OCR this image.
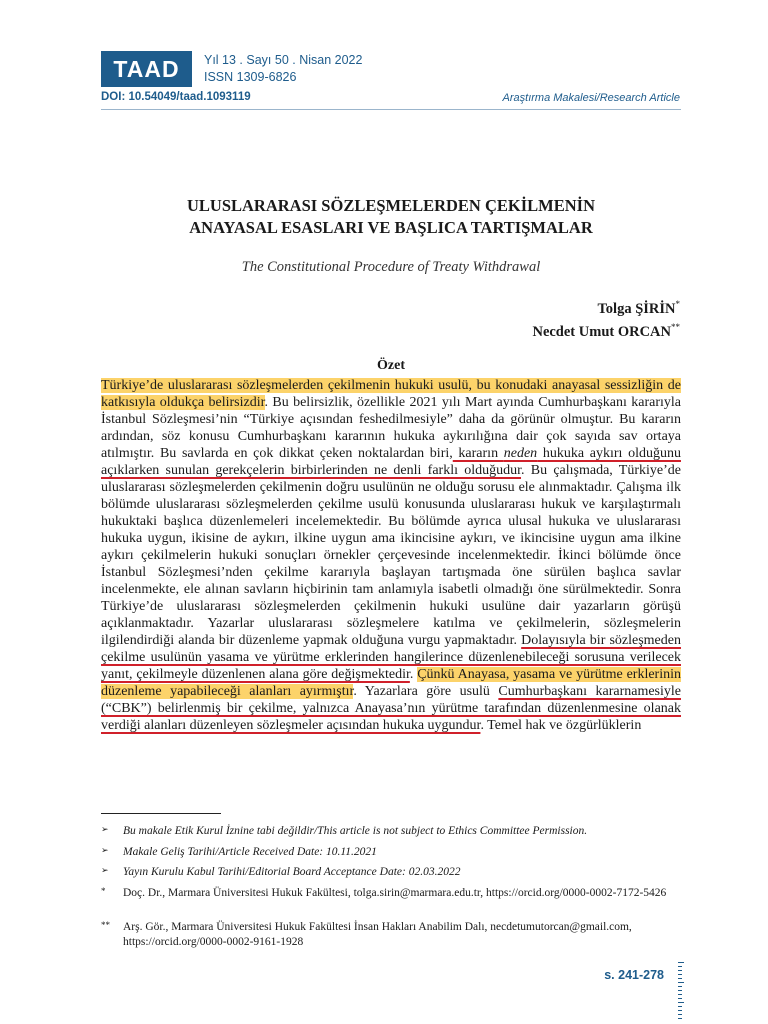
TAAD	Yıl 13 . Sayı 50 . Nisan 2022
ISSN 1309-6826
DOI: 10.54049/taad.1093119	Araştırma Makalesi/Research Article
ULUSLARARASI SÖZLEŞMELERDEN ÇEKİLMENİN
ANAYASAL ESASLARI VE BAŞLICA TARTIŞMALAR
The Constitutional Procedure of Treaty Withdrawal
Tolga ŞİRİN*
Necdet Umut ORCAN**
Özet
Türkiye’de uluslararası sözleşmelerden çekilmenin hukuki usulü, bu konudaki anayasal sessizliğin de katkısıyla oldukça belirsizdir. Bu belirsizlik, özellikle 2021 yılı Mart ayında Cumhurbaşkanı kararıyla İstanbul Sözleşmesi’nin “Türkiye açısından feshedilmesiyle” daha da görünür olmuştur. Bu kararın ardından, söz konusu Cumhurbaşkanı kararının hukuka aykırılığına dair çok sayıda sav ortaya atılmıştır. Bu savlarda en çok dikkat çeken noktalardan biri, kararın neden hukuka aykırı olduğunu açıklarken sunulan gerekçelerin birbirlerinden ne denli farklı olduğudur. Bu çalışmada, Türkiye’de uluslararası sözleşmelerden çekilmenin doğru usulünün ne olduğu sorusu ele alınmaktadır. Çalışma ilk bölümde uluslararası sözleşmelerden çekilme usulü konusunda uluslararası hukuk ve karşılaştırmalı hukuktaki başlıca düzenlemeleri incelemektedir. Bu bölümde ayrıca ulusal hukuka ve uluslararası hukuka uygun, ikisine de aykırı, ilkine uygun ama ikincisine aykırı, ve ikincisine uygun ama ilkine aykırı çekilmelerin hukuki sonuçları örnekler çerçevesinde incelenmektedir. İkinci bölümde önce İstanbul Sözleşmesi’nden çekilme kararıyla başlayan tartışmada öne sürülen başlıca savlar incelenmekte, ele alınan savların hiçbirinin tam anlamıyla isabetli olmadığı öne sürülmektedir. Sonra Türkiye’de uluslararası sözleşmelerden çekilmenin hukuki usulüne dair yazarların görüşü açıklanmaktadır. Yazarlar uluslararası sözleşmelere katılma ve çekilmelerin, sözleşmelerin ilgilendirdiği alanda bir düzenleme yapmak olduğuna vurgu yapmaktadır. Dolayısıyla bir sözleşmeden çekilme usulünün yasama ve yürütme erklerinden hangilerince düzenlenebileceği sorusuna verilecek yanıt, çekilmeyle düzenlenen alana göre değişmektedir. Çünkü Anayasa, yasama ve yürütme erklerinin düzenleme yapabileceği alanları ayırmıştır. Yazarlara göre usulü Cumhurbaşkanı kararnamesiyle (“CBK”) belirlenmiş bir çekilme, yalnızca Anayasa’nın yürütme tarafından düzenlenmesine olanak verdiği alanları düzenleyen sözleşmeler açısından hukuka uygundur. Temel hak ve özgürlüklerin
➢ Bu makale Etik Kurul İznine tabi değildir/This article is not subject to Ethics Committee Permission.
➢ Makale Geliş Tarihi/Article Received Date: 10.11.2021
➢ Yayın Kurulu Kabul Tarihi/Editorial Board Acceptance Date: 02.03.2022
* Doç. Dr., Marmara Üniversitesi Hukuk Fakültesi, tolga.sirin@marmara.edu.tr, https://orcid.org/0000-0002-7172-5426
** Arş. Gör., Marmara Üniversitesi Hukuk Fakültesi İnsan Hakları Anabilim Dalı, necdetumutorcan@gmail.com, https://orcid.org/0000-0002-9161-1928
s. 241-278
